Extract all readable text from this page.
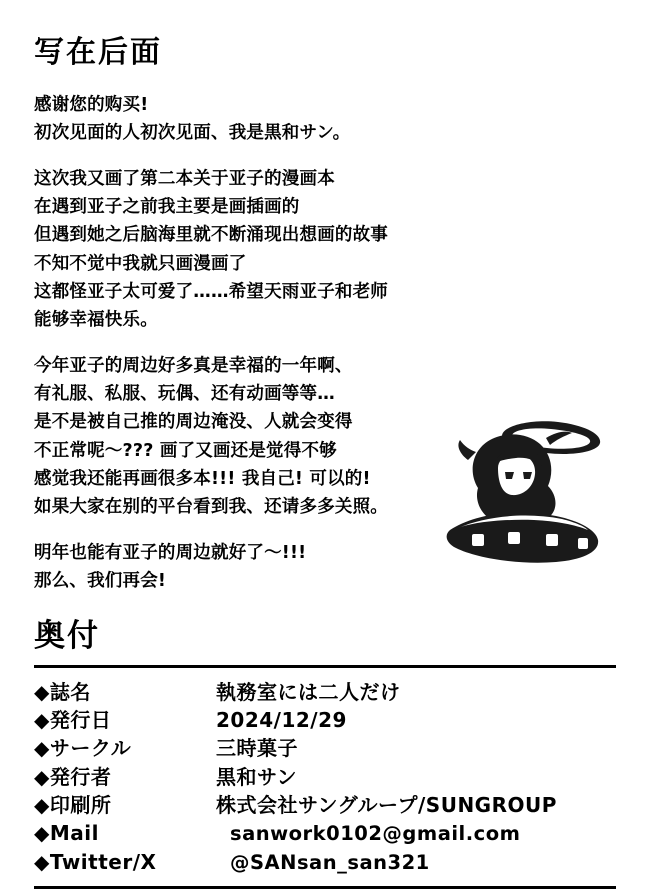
写在后面
感谢您的购买!
初次见面的人初次见面、我是黒和サン。
这次我又画了第二本关于亚子的漫画本
在遇到亚子之前我主要是画插画的
但遇到她之后脑海里就不断涌现出想画的故事
不知不觉中我就只画漫画了
这都怪亚子太可爱了……希望天雨亚子和老师
能够幸福快乐。
今年亚子的周边好多真是幸福的一年啊、
有礼服、私服、玩偶、还有动画等等…
是不是被自己推的周边淹没、人就会变得
不正常呢～??? 画了又画还是觉得不够
感觉我还能再画很多本!!! 我自己! 可以的!
如果大家在别的平台看到我、还请多多关照。
明年也能有亚子的周边就好了～!!!
那么、我们再会!
奥付
◆誌名	執務室には二人だけ
◆発行日	2024/12/29
◆サークル	三時菓子
◆発行者	黒和サン
◆印刷所	株式会社サングループ/SUNGROUP
◆Mail	sanwork0102@gmail.com
◆Twitter/X	@SANsan_san321
